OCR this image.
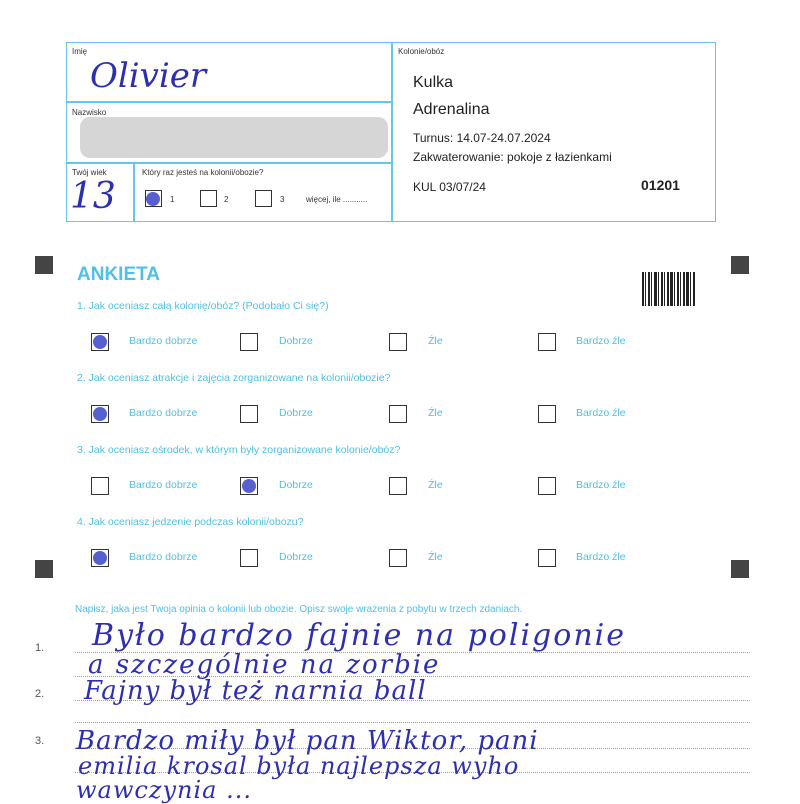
Imię
Olivier
Nazwisko
Twój wiek
13
Który raz jesteś na kolonii/obozie?
1	2	3	więcej, ile ...........
Kolonie/obóz
Kulka
Adrenalina
Turnus: 14.07-24.07.2024
Zakwaterowanie: pokoje z łazienkami
KUL 03/07/24	01201
ANKIETA
1. Jak oceniasz całą kolonię/obóz? (Podobało Ci się?)
Bardzo dobrze	Dobrze	Źle	Bardzo źle
2. Jak oceniasz atrakcje i zajęcia zorganizowane na kolonii/obozie?
Bardzo dobrze	Dobrze	Źle	Bardzo źle
3. Jak oceniasz ośrodek, w którym były zorganizowane kolonie/obóz?
Bardzo dobrze	Dobrze	Źle	Bardzo źle
4. Jak oceniasz jedzenie podczas kolonii/obozu?
Bardzo dobrze	Dobrze	Źle	Bardzo źle
Napisz, jaka jest Twoja opinia o kolonii lub obozie. Opisz swoje wrażenia z pobytu w trzech zdaniach.
1.
2.
3.
Było bardzo fajnie na poligonie
a szczególnie na zorbie
Fajny był też narnia ball
Bardzo miły był pan Wiktor, pani
emilia krosal była najlepsza wyho
wawczynia ...
